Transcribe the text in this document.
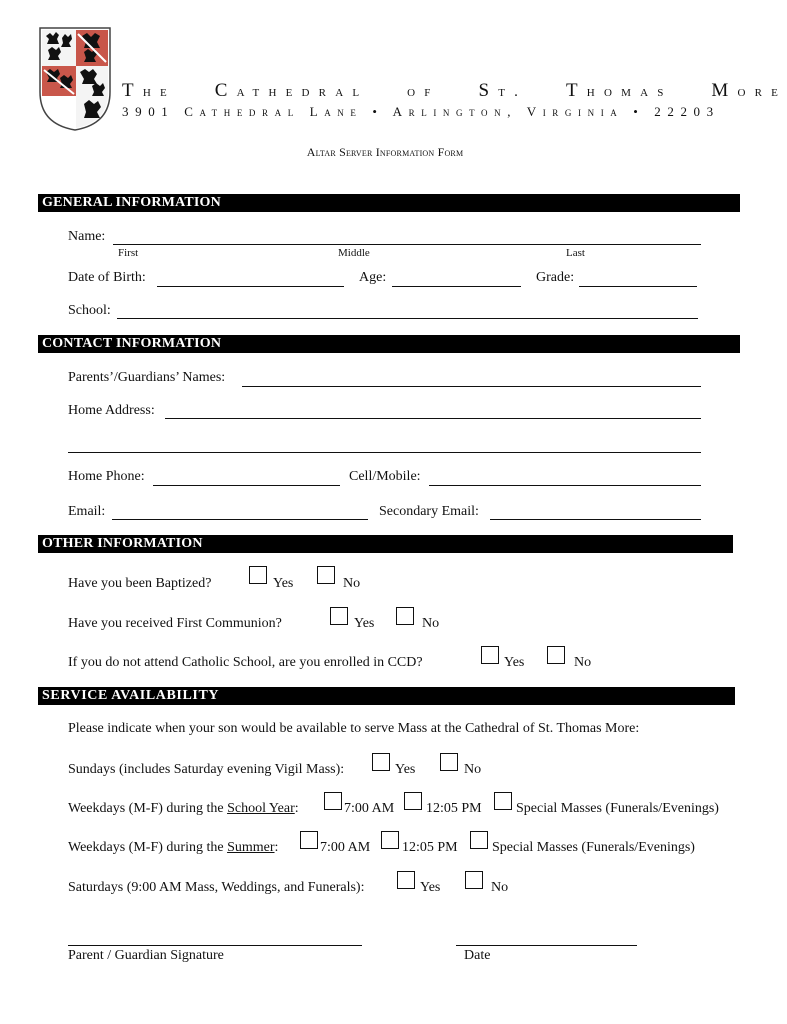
The Cathedral	of St. Thomas More
3901 Cathedral Lane • Arlington, Virginia • 22203
Altar Server Information Form
GENERAL INFORMATION
Name:
First	Middle	Last
Date of Birth:	Age:	Grade:
School:
CONTACT INFORMATION
Parents’/Guardians’ Names:
Home Address:
Home Phone:	Cell/Mobile:
Email:	Secondary Email:
OTHER INFORMATION
Have you been Baptized?	Yes	No
Have you received First Communion?	Yes	No
If you do not attend Catholic School, are you enrolled in CCD?	Yes	No
SERVICE AVAILABILITY
Please indicate when your son would be available to serve Mass at the Cathedral of St. Thomas More:
Sundays (includes Saturday evening Vigil Mass):	Yes	No
Weekdays (M-F) during the School Year:	7:00 AM 12:05 PM Special Masses (Funerals/Evenings)
Weekdays (M-F) during the Summer:	7:00 AM 12:05 PM Special Masses (Funerals/Evenings)
Saturdays (9:00 AM Mass, Weddings, and Funerals):	Yes	No
Parent / Guardian Signature	Date
